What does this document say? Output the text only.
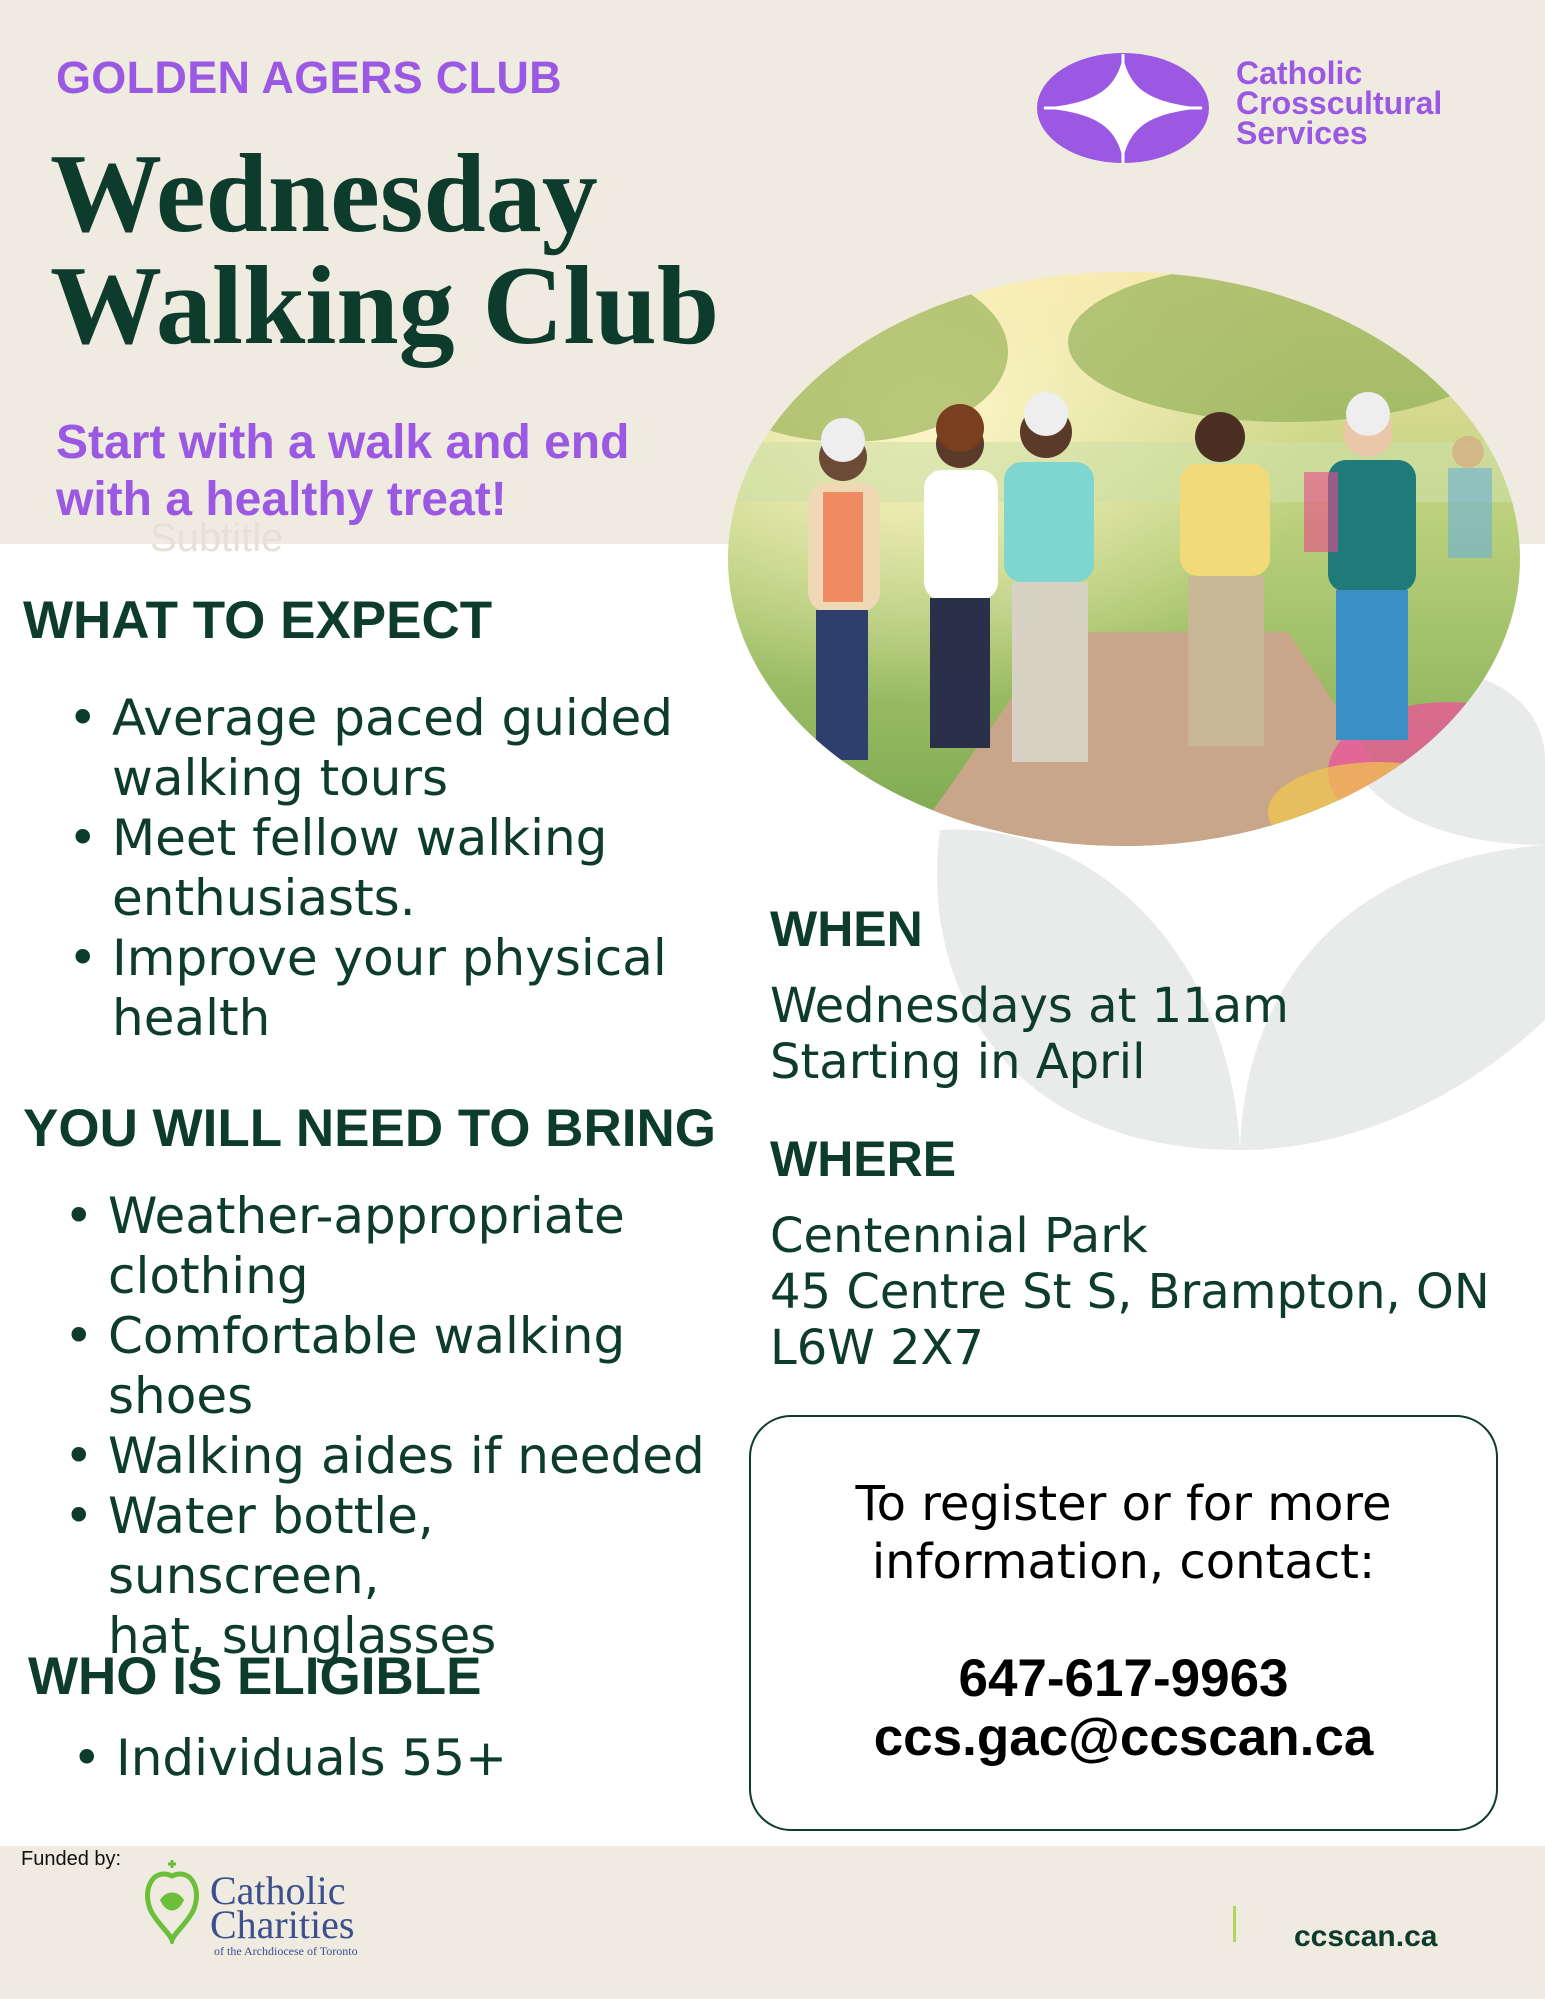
GOLDEN AGERS CLUB
Wednesday
Walking Club
Start with a walk and end
with a healthy treat!
Subtitle
Catholic
Crosscultural
Services
WHAT TO EXPECT
• Average paced guided
walking tours
• Meet fellow walking
enthusiasts.
• Improve your physical
health
YOU WILL NEED TO BRING
• Weather-appropriate
clothing
• Comfortable walking
shoes
• Walking aides if needed
• Water bottle, sunscreen,
hat, sunglasses
WHO IS ELIGIBLE
• Individuals 55+
WHEN
Wednesdays at 11am
Starting in April
WHERE
Centennial Park
45 Centre St S, Brampton, ON
L6W 2X7
To register or for more
information, contact:
647-617-9963
ccs.gac@ccscan.ca
Funded by:
Catholic
Charities
of the Archdiocese of Toronto	ccscan.ca
